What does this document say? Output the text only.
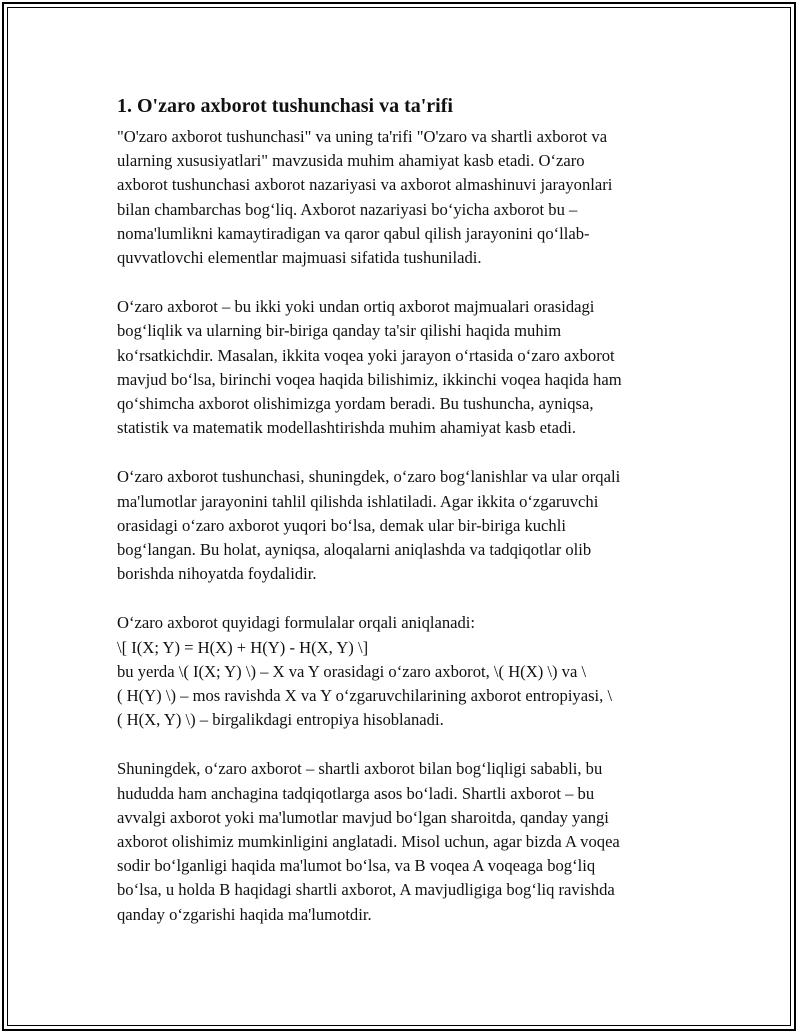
1. O'zaro axborot tushunchasi va ta'rifi

"O'zaro axborot tushunchasi" va uning ta'rifi "O'zaro va shartli axborot va
ularning xususiyatlari" mavzusida muhim ahamiyat kasb etadi. O‘zaro
axborot tushunchasi axborot nazariyasi va axborot almashinuvi jarayonlari
bilan chambarchas bog‘liq. Axborot nazariyasi bo‘yicha axborot bu –
noma'lumlikni kamaytiradigan va qaror qabul qilish jarayonini qo‘llab-
quvvatlovchi elementlar majmuasi sifatida tushuniladi.

O‘zaro axborot – bu ikki yoki undan ortiq axborot majmualari orasidagi
bog‘liqlik va ularning bir-biriga qanday ta'sir qilishi haqida muhim
ko‘rsatkichdir. Masalan, ikkita voqea yoki jarayon o‘rtasida o‘zaro axborot
mavjud bo‘lsa, birinchi voqea haqida bilishimiz, ikkinchi voqea haqida ham
qo‘shimcha axborot olishimizga yordam beradi. Bu tushuncha, ayniqsa,
statistik va matematik modellashtirishda muhim ahamiyat kasb etadi.

O‘zaro axborot tushunchasi, shuningdek, o‘zaro bog‘lanishlar va ular orqali
ma'lumotlar jarayonini tahlil qilishda ishlatiladi. Agar ikkita o‘zgaruvchi
orasidagi o‘zaro axborot yuqori bo‘lsa, demak ular bir-biriga kuchli
bog‘langan. Bu holat, ayniqsa, aloqalarni aniqlashda va tadqiqotlar olib
borishda nihoyatda foydalidir.

O‘zaro axborot quyidagi formulalar orqali aniqlanadi:
\[ I(X; Y) = H(X) + H(Y) - H(X, Y) \]
bu yerda \( I(X; Y) \) – X va Y orasidagi o‘zaro axborot, \( H(X) \) va \
( H(Y) \) – mos ravishda X va Y o‘zgaruvchilarining axborot entropiyasi, \
( H(X, Y) \) – birgalikdagi entropiya hisoblanadi.

Shuningdek, o‘zaro axborot – shartli axborot bilan bog‘liqligi sababli, bu
hududda ham anchagina tadqiqotlarga asos bo‘ladi. Shartli axborot – bu
avvalgi axborot yoki ma'lumotlar mavjud bo‘lgan sharoitda, qanday yangi
axborot olishimiz mumkinligini anglatadi. Misol uchun, agar bizda A voqea
sodir bo‘lganligi haqida ma'lumot bo‘lsa, va B voqea A voqeaga bog‘liq
bo‘lsa, u holda B haqidagi shartli axborot, A mavjudligiga bog‘liq ravishda
qanday o‘zgarishi haqida ma'lumotdir.
